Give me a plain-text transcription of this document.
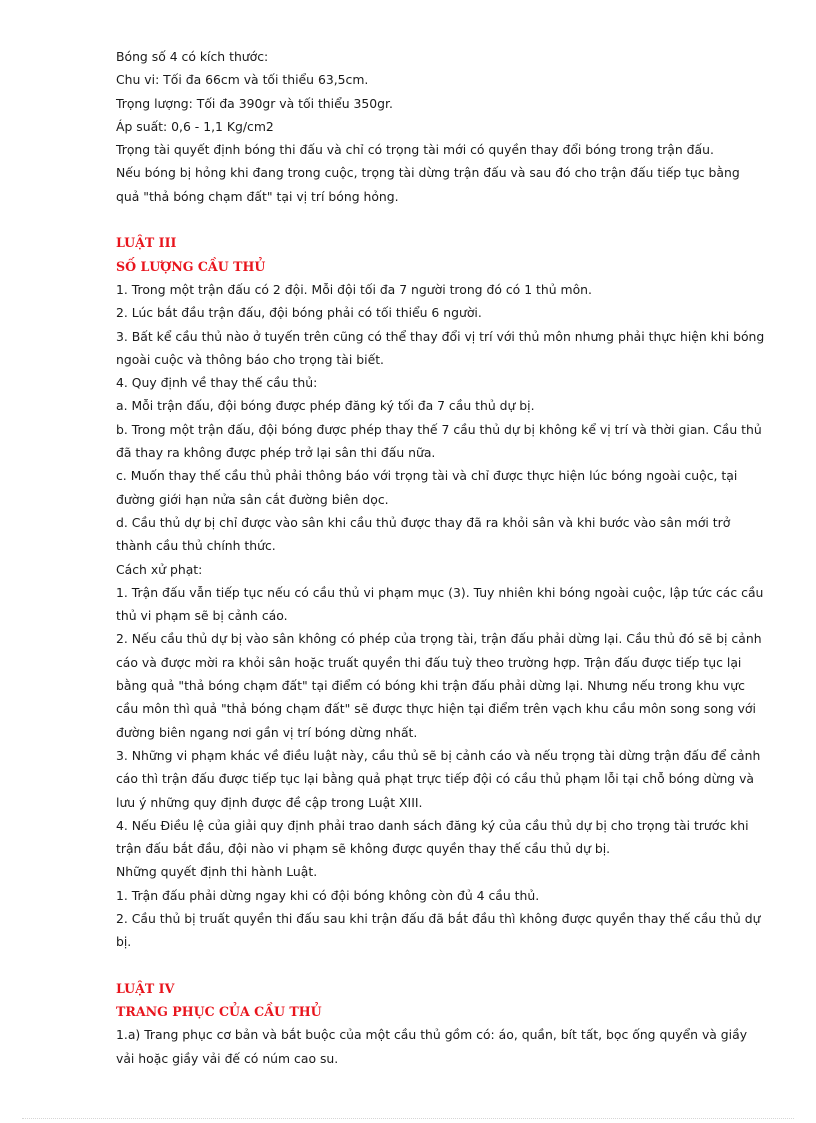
Bóng số 4 có kích thước:

Chu vi: Tối đa 66cm và tối thiểu 63,5cm.

Trọng lượng: Tối đa 390gr và tối thiểu 350gr.

Áp suất: 0,6 - 1,1 Kg/cm2

Trọng tài quyết định bóng thi đấu và chỉ có trọng tài mới có quyền thay đổi bóng trong trận đấu.

Nếu bóng bị hỏng khi đang trong cuộc, trọng tài dừng trận đấu và sau đó cho trận đấu tiếp tục bằng quả "thả bóng chạm đất" tại vị trí bóng hỏng.

LUẬT III

SỐ LƯỢNG CẦU THỦ

1. Trong một trận đấu có 2 đội. Mỗi đội tối đa 7 người trong đó có 1 thủ môn.

2. Lúc bắt đầu trận đấu, đội bóng phải có tối thiểu 6 người.

3. Bất kể cầu thủ nào ở tuyến trên cũng có thể thay đổi vị trí với thủ môn nhưng phải thực hiện khi bóng ngoài cuộc và thông báo cho trọng tài biết.

4. Quy định về thay thế cầu thủ:

a. Mỗi trận đấu, đội bóng được phép đăng ký tối đa 7 cầu thủ dự bị.

b. Trong một trận đấu, đội bóng được phép thay thế 7 cầu thủ dự bị không kể vị trí và thời gian. Cầu thủ đã thay ra không được phép trở lại sân thi đấu nữa.

c. Muốn thay thế cầu thủ phải thông báo với trọng tài và chỉ được thực hiện lúc bóng ngoài cuộc, tại đường giới hạn nửa sân cắt đường biên dọc.

d. Cầu thủ dự bị chỉ được vào sân khi cầu thủ được thay đã ra khỏi sân và khi bước vào sân mới trở thành cầu thủ chính thức.

Cách xử phạt:

1. Trận đấu vẫn tiếp tục nếu có cầu thủ vi phạm mục (3). Tuy nhiên khi bóng ngoài cuộc, lập tức các cầu thủ vi phạm sẽ bị cảnh cáo.

2. Nếu cầu thủ dự bị vào sân không có phép của trọng tài, trận đấu phải dừng lại. Cầu thủ đó sẽ bị cảnh cáo và được mời ra khỏi sân hoặc truất quyền thi đấu tuỳ theo trường hợp. Trận đấu được tiếp tục lại bằng quả "thả bóng chạm đất" tại điểm có bóng khi trận đấu phải dừng lại. Nhưng nếu trong khu vực cầu môn thì quả "thả bóng chạm đất" sẽ được thực hiện tại điểm trên vạch khu cầu môn song song với đường biên ngang nơi gần vị trí bóng dừng nhất.

3. Những vi phạm khác về điều luật này, cầu thủ sẽ bị cảnh cáo và nếu trọng tài dừng trận đấu để cảnh cáo thì trận đấu được tiếp tục lại bằng quả phạt trực tiếp đội có cầu thủ phạm lỗi tại chỗ bóng dừng và lưu ý những quy định được đề cập trong Luật XIII.

4. Nếu Điều lệ của giải quy định phải trao danh sách đăng ký của cầu thủ dự bị cho trọng tài trước khi trận đấu bắt đầu, đội nào vi phạm sẽ không được quyền thay thế cầu thủ dự bị.

Những quyết định thi hành Luật.

1. Trận đấu phải dừng ngay khi có đội bóng không còn đủ 4 cầu thủ.

2. Cầu thủ bị truất quyền thi đấu sau khi trận đấu đã bắt đầu thì không được quyền thay thế cầu thủ dự bị.

LUẬT IV

TRANG PHỤC CỦA CẦU THỦ

1.a) Trang phục cơ bản và bắt buộc của một cầu thủ gồm có: áo, quần, bít tất, bọc ống quyển và giầy vải hoặc giầy vải đế có núm cao su.
